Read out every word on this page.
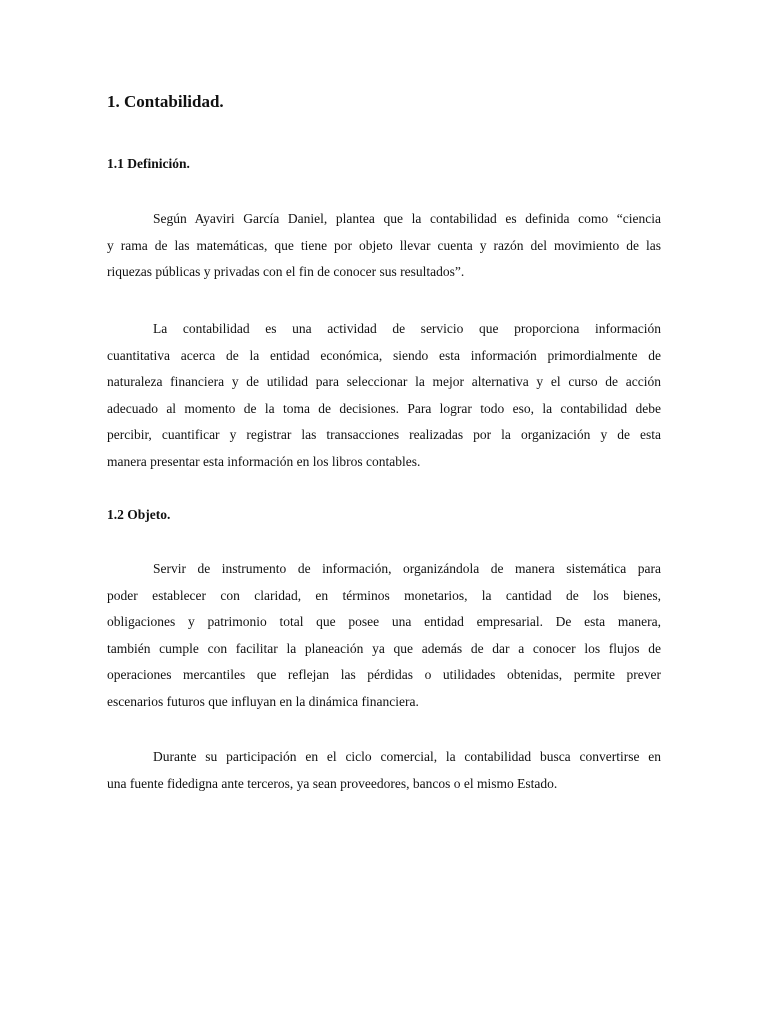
1. Contabilidad.
1.1 Definición.
Según Ayaviri García Daniel, plantea que la contabilidad es definida como “ciencia
y rama de las matemáticas, que tiene por objeto llevar cuenta y razón del movimiento de las
riquezas públicas y privadas con el fin de conocer sus resultados”.
La contabilidad es una actividad de servicio que proporciona información
cuantitativa acerca de la entidad económica, siendo esta información primordialmente de
naturaleza financiera y de utilidad para seleccionar la mejor alternativa y el curso de acción
adecuado al momento de la toma de decisiones. Para lograr todo eso, la contabilidad debe
percibir, cuantificar y registrar las transacciones realizadas por la organización y de esta
manera presentar esta información en los libros contables.
1.2 Objeto.
Servir de instrumento de información, organizándola de manera sistemática para
poder establecer con claridad, en términos monetarios, la cantidad de los bienes,
obligaciones y patrimonio total que posee una entidad empresarial. De esta manera,
también cumple con facilitar la planeación ya que además de dar a conocer los flujos de
operaciones mercantiles que reflejan las pérdidas o utilidades obtenidas, permite prever
escenarios futuros que influyan en la dinámica financiera.
Durante su participación en el ciclo comercial, la contabilidad busca convertirse en
una fuente fidedigna ante terceros, ya sean proveedores, bancos o el mismo Estado.
